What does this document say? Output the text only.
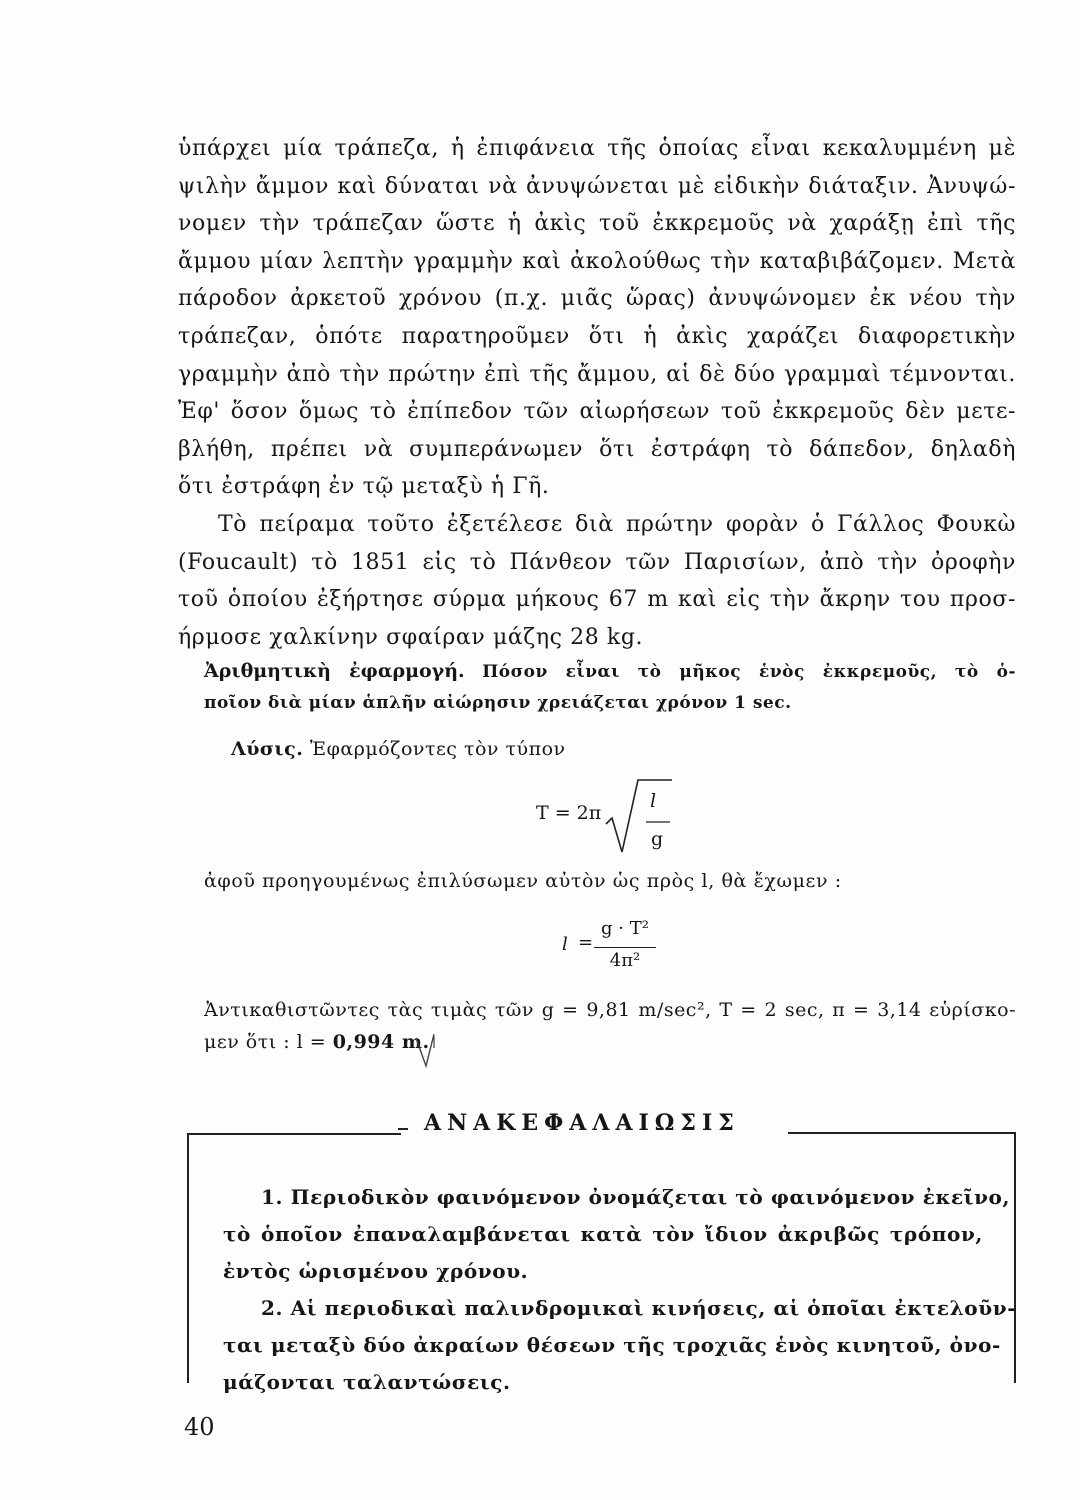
ὑπάρχει μία τράπεζα, ἡ ἐπιφάνεια τῆς ὁποίας εἶναι κεκαλυμμένη μὲ
ψιλὴν ἄμμον καὶ δύναται νὰ ἀνυψώνεται μὲ εἰδικὴν διάταξιν. Ἀνυψώ-
νομεν τὴν τράπεζαν ὥστε ἡ ἀκὶς τοῦ ἐκκρεμοῦς νὰ χαράξῃ ἐπὶ τῆς
ἄμμου μίαν λεπτὴν γραμμὴν καὶ ἀκολούθως τὴν καταβιβάζομεν. Μετὰ
πάροδον ἀρκετοῦ χρόνου (π.χ. μιᾶς ὥρας) ἀνυψώνομεν ἐκ νέου τὴν
τράπεζαν, ὁπότε παρατηροῦμεν ὅτι ἡ ἀκὶς χαράζει διαφορετικὴν
γραμμὴν ἀπὸ τὴν πρώτην ἐπὶ τῆς ἄμμου, αἱ δὲ δύο γραμμαὶ τέμνονται.
Ἐφ' ὅσον ὅμως τὸ ἐπίπεδον τῶν αἰωρήσεων τοῦ ἐκκρεμοῦς δὲν μετε-
βλήθη, πρέπει νὰ συμπεράνωμεν ὅτι ἐστράφη τὸ δάπεδον, δηλαδὴ
ὅτι ἐστράφη ἐν τῷ μεταξὺ ἡ Γῆ.
Τὸ πείραμα τοῦτο ἐξετέλεσε διὰ πρώτην φορὰν ὁ Γάλλος Φουκὼ
(Foucault) τὸ 1851 εἰς τὸ Πάνθεον τῶν Παρισίων, ἀπὸ τὴν ὀροφὴν
τοῦ ὁποίου ἐξήρτησε σύρμα μήκους 67 m καὶ εἰς τὴν ἄκρην του προσ-
ήρμοσε χαλκίνην σφαίραν μάζης 28 kg.
Ἀριθμητικὴ ἐφαρμογή. Πόσον εἶναι τὸ μῆκος ἑνὸς ἐκκρεμοῦς, τὸ ὁ-
ποῖον διὰ μίαν ἁπλῆν αἰώρησιν χρειάζεται χρόνον 1 sec.
Λύσις. Ἐφαρμόζοντες τὸν τύπον
T = 2π
l
g
ἀφοῦ προηγουμένως ἐπιλύσωμεν αὐτὸν ὡς πρὸς l, θὰ ἔχωμεν :
l =
g · T²
4π²
Ἀντικαθιστῶντες τὰς τιμὰς τῶν g = 9,81 m/sec², T = 2 sec, π = 3,14 εὑρίσκο-
μεν ὅτι : l = 0,994 m.
ΑΝΑΚΕΦΑΛΑΙΩΣΙΣ
1. Περιοδικὸν φαινόμενον ὀνομάζεται τὸ φαινόμενον ἐκεῖνο,
τὸ ὁποῖον ἐπαναλαμβάνεται κατὰ τὸν ἴδιον ἀκριβῶς τρόπον,
ἐντὸς ὡρισμένου χρόνου.
2. Αἱ περιοδικαὶ παλινδρομικαὶ κινήσεις, αἱ ὁποῖαι ἐκτελοῦν-
ται μεταξὺ δύο ἀκραίων θέσεων τῆς τροχιᾶς ἑνὸς κινητοῦ, ὀνο-
μάζονται ταλαντώσεις.
40
